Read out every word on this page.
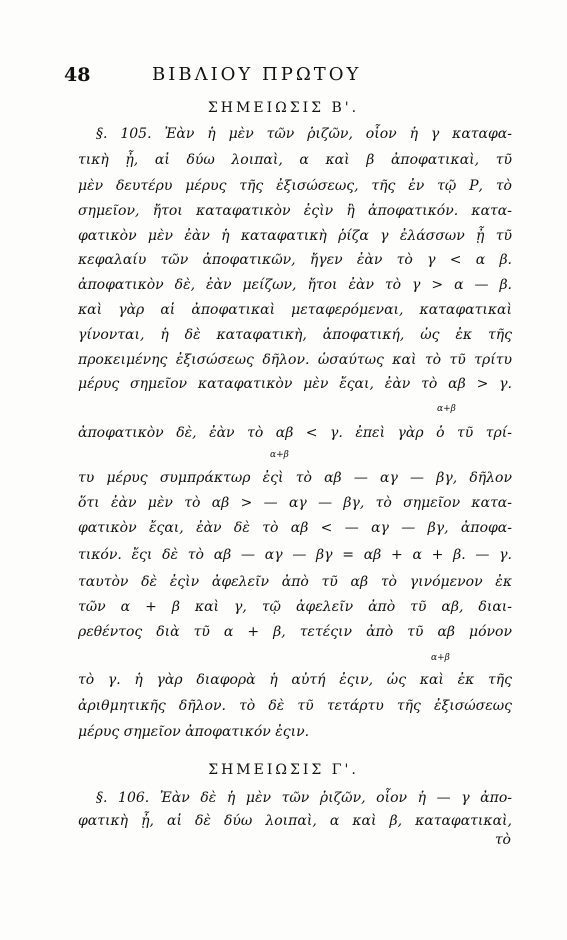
48	ΒΙΒΛΙΟΥ ΠΡΩΤΟΥ
ΣΗΜΕΙΩΣΙΣ Β'.
§. 105. Ἐὰν ἡ μὲν τῶν ῥιζῶν, οἷον ἡ γ καταφα-
τικὴ ᾖ, αἱ δύω λοιπαὶ, α καὶ β ἀποφατικαὶ, τῦ
μὲν δευτέρυ μέρυς τῆς ἐξισώσεως, τῆς ἐν τῷ Ρ, τὸ
σημεῖον, ἤτοι καταφατικὸν ἐςὶν ἢ ἀποφατικόν. κατα-
φατικὸν μὲν ἐὰν ἡ καταφατικὴ ῥίζα γ ἐλάσσων ᾖ τῦ
κεφαλαίυ τῶν ἀποφατικῶν, ἤγεν ἐὰν τὸ γ < α β.
ἀποφατικὸν δὲ, ἐὰν μείζων, ἤτοι ἐὰν τὸ γ > α — β.
καὶ γὰρ αἱ ἀποφατικαὶ μεταφερόμεναι, καταφατικαὶ
γίνονται, ἡ δὲ καταφατικὴ, ἀποφατική, ὡς ἐκ τῆς
προκειμένης ἐξισώσεως δῆλον. ὡσαύτως καὶ τὸ τῦ τρίτυ
μέρυς σημεῖον καταφατικὸν μὲν ἔςαι, ἐὰν τὸ αβ > γ.
α+β
ἀποφατικὸν δὲ, ἐὰν τὸ αβ < γ. ἐπεὶ γὰρ ὁ τῦ τρί-
α+β
τυ μέρυς συμπράκτωρ ἐςὶ τὸ αβ — αγ — βγ, δῆλον
ὅτι ἐὰν μὲν τὸ αβ > — αγ — βγ, τὸ σημεῖον κατα-
φατικὸν ἔςαι, ἐὰν δὲ τὸ αβ < — αγ — βγ, ἀποφα-
τικόν. ἔςι δὲ τὸ αβ — αγ — βγ = αβ + α + β. — γ.
ταυτὸν δὲ ἐςὶν ἀφελεῖν ἀπὸ τῦ αβ τὸ γινόμενον ἐκ
τῶν α + β καὶ γ, τῷ ἀφελεῖν ἀπὸ τῦ αβ, διαι-
ρεθέντος διὰ τῦ α + β, τετέςιν ἀπὸ τῦ αβ μόνον
α+β
τὸ γ. ἡ γὰρ διαφορὰ ἡ αὐτή ἐςιν, ὡς καὶ ἐκ τῆς
ἀριθμητικῆς δῆλον. τὸ δὲ τῦ τετάρτυ τῆς ἐξισώσεως
μέρυς σημεῖον ἀποφατικόν ἐςιν.
ΣΗΜΕΙΩΣΙΣ Γ'.
§. 106. Ἐὰν δὲ ἡ μὲν τῶν ῥιζῶν, οἷον ἡ — γ ἀπο-
φατικὴ ᾖ, αἱ δὲ δύω λοιπαὶ, α καὶ β, καταφατικαὶ,
τὸ
